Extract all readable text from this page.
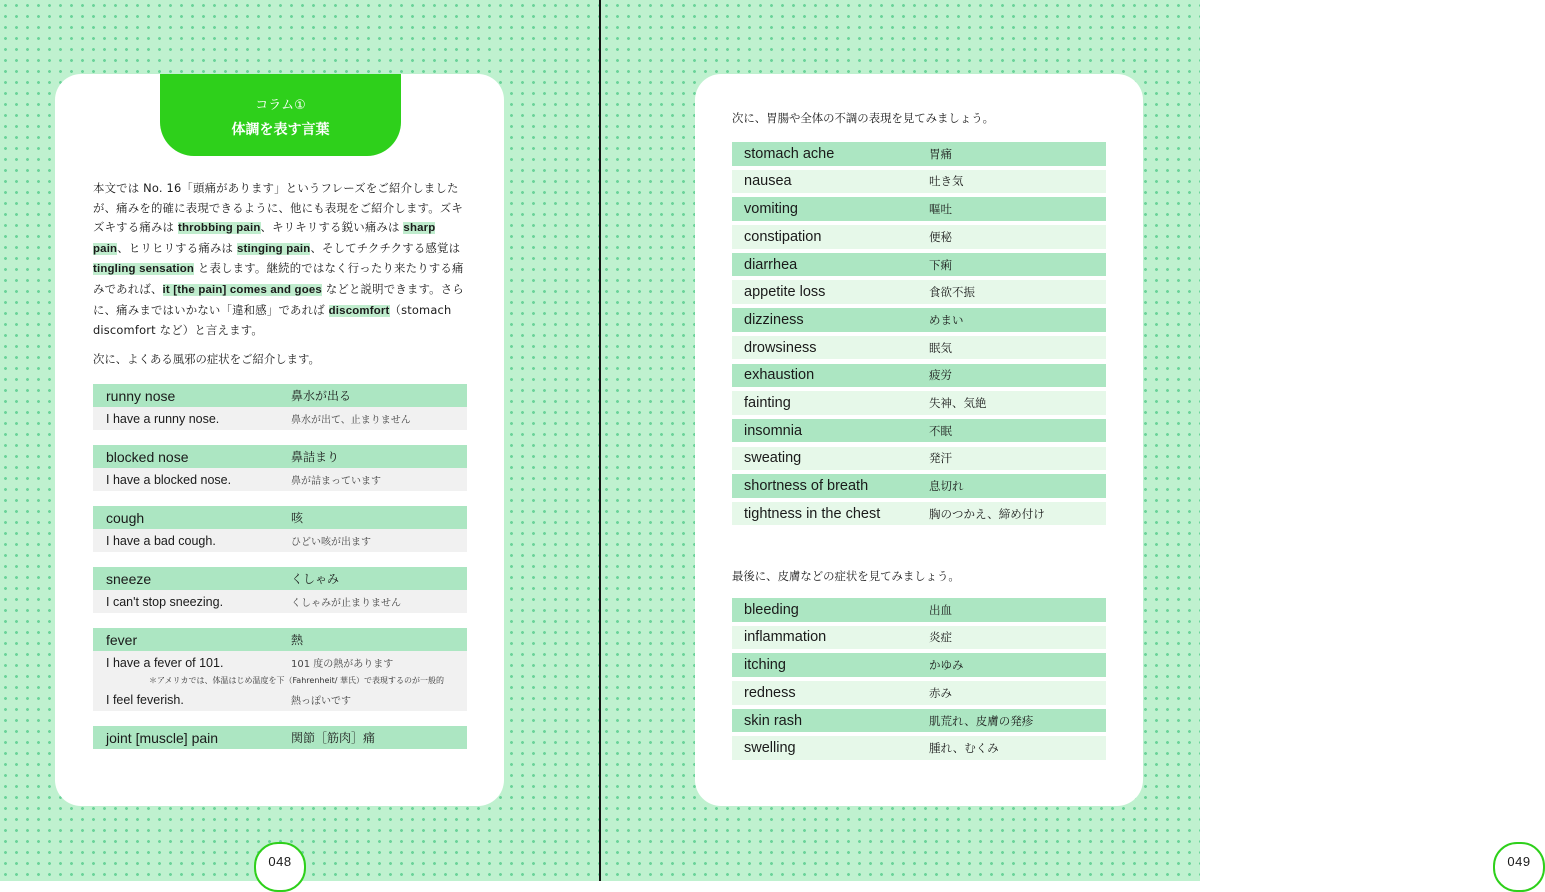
コラム①
体調を表す言葉
本文では No. 16「頭痛があります」というフレーズをご紹介しましたが、痛みを的確に表現できるように、他にも表現をご紹介します。ズキズキする痛みは throbbing pain、キリキリする鋭い痛みは sharp pain、ヒリヒリする痛みは stinging pain、そしてチクチクする感覚は tingling sensation と表します。継続的ではなく行ったり来たりする痛みであれば、it [the pain] comes and goes などと説明できます。さらに、痛みまではいかない「違和感」であれば discomfort（stomach discomfort など）と言えます。
次に、よくある風邪の症状をご紹介します。
runny nose	鼻水が出る
I have a runny nose.	鼻水が出て、止まりません
blocked nose	鼻詰まり
I have a blocked nose.	鼻が詰まっています
cough	咳
I have a bad cough.	ひどい咳が出ます
sneeze	くしゃみ
I can't stop sneezing.	くしゃみが止まりません
fever	熱
I have a fever of 101.	101 度の熱があります
＊アメリカでは、体温はじめ温度を下（Fahrenheit/ 華氏）で表現するのが一般的
I feel feverish.	熱っぽいです
joint [muscle] pain	関節［筋肉］痛
048
次に、胃腸や全体の不調の表現を見てみましょう。
stomach ache	胃痛
nausea	吐き気
vomiting	嘔吐
constipation	便秘
diarrhea	下痢
appetite loss	食欲不振
dizziness	めまい
drowsiness	眠気
exhaustion	疲労
fainting	失神、気絶
insomnia	不眠
sweating	発汗
shortness of breath	息切れ
tightness in the chest	胸のつかえ、締め付け
最後に、皮膚などの症状を見てみましょう。
bleeding	出血
inflammation	炎症
itching	かゆみ
redness	赤み
skin rash	肌荒れ、皮膚の発疹
swelling	腫れ、むくみ
049
